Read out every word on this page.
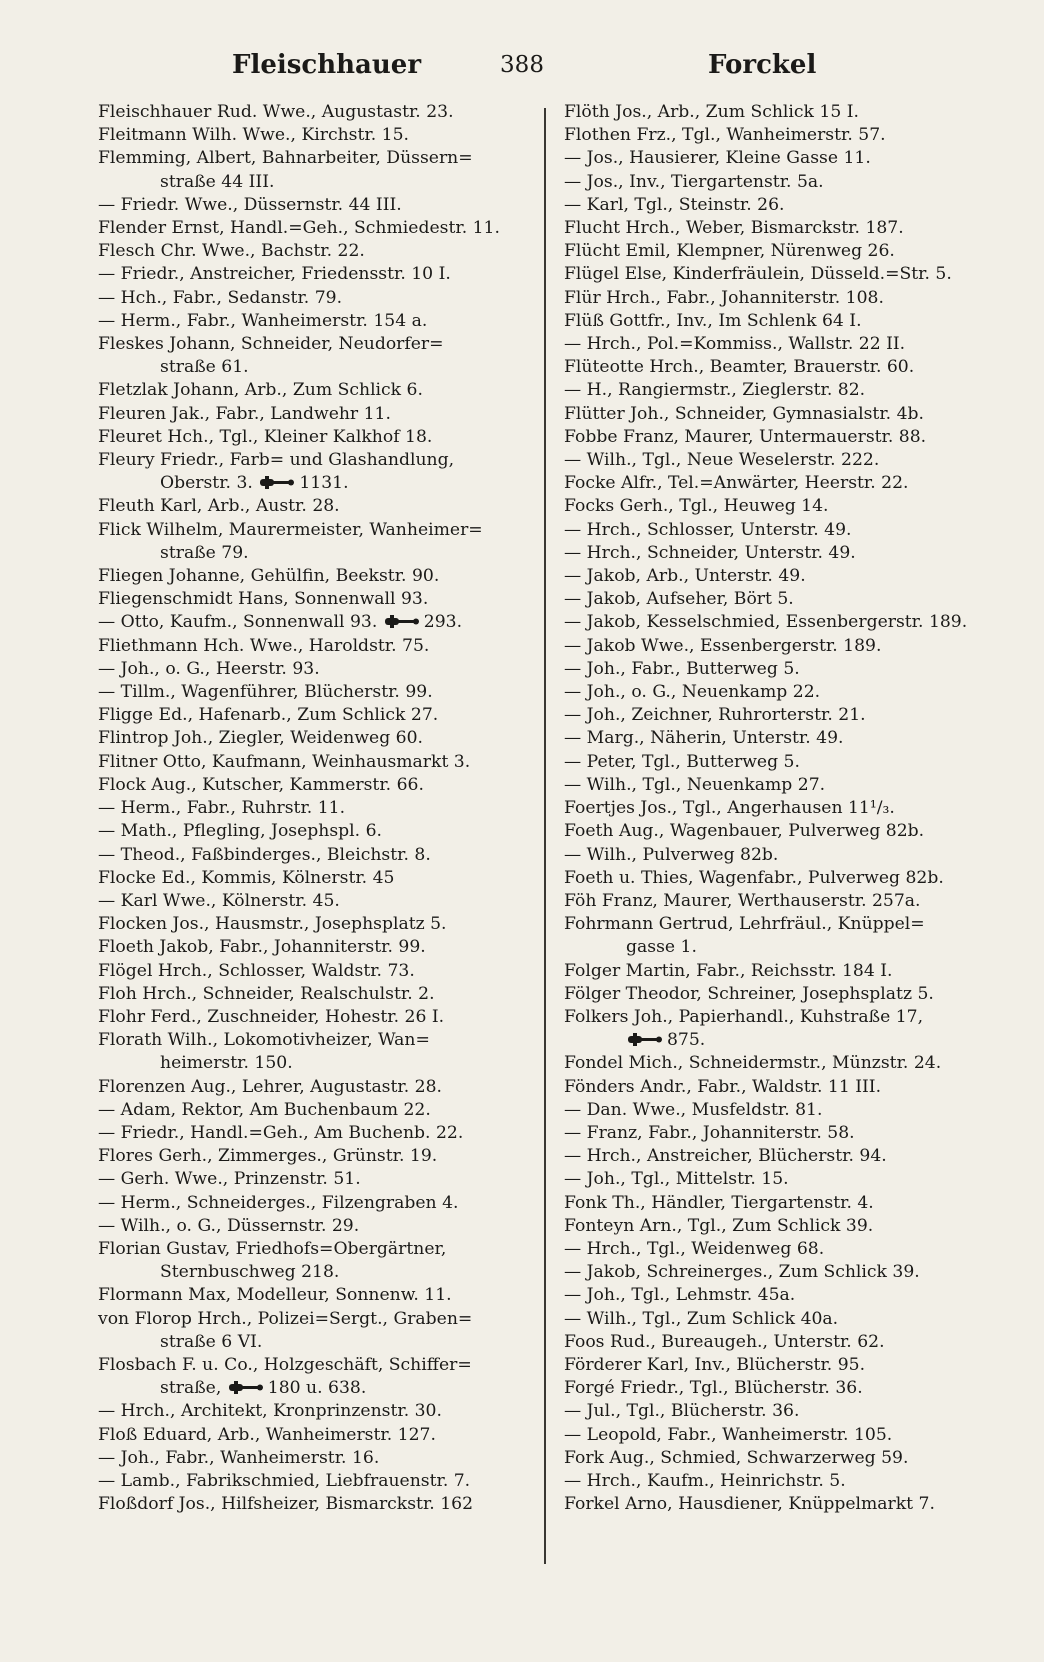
Fleischhauer	388	Forckel
Fleischhauer Rud. Wwe., Augustastr. 23.
Fleitmann Wilh. Wwe., Kirchstr. 15.
Flemming, Albert, Bahnarbeiter, Düssern=
straße 44 III.
— Friedr. Wwe., Düssernstr. 44 III.
Flender Ernst, Handl.=Geh., Schmiedestr. 11.
Flesch Chr. Wwe., Bachstr. 22.
— Friedr., Anstreicher, Friedensstr. 10 I.
— Hch., Fabr., Sedanstr. 79.
— Herm., Fabr., Wanheimerstr. 154 a.
Fleskes Johann, Schneider, Neudorfer=
straße 61.
Fletzlak Johann, Arb., Zum Schlick 6.
Fleuren Jak., Fabr., Landwehr 11.
Fleuret Hch., Tgl., Kleiner Kalkhof 18.
Fleury Friedr., Farb= und Glashandlung,
Oberstr. 3.	1131.
Fleuth Karl, Arb., Austr. 28.
Flick Wilhelm, Maurermeister, Wanheimer=
straße 79.
Fliegen Johanne, Gehülfin, Beekstr. 90.
Fliegenschmidt Hans, Sonnenwall 93.
— Otto, Kaufm., Sonnenwall 93.	293.
Fliethmann Hch. Wwe., Haroldstr. 75.
— Joh., o. G., Heerstr. 93.
— Tillm., Wagenführer, Blücherstr. 99.
Fligge Ed., Hafenarb., Zum Schlick 27.
Flintrop Joh., Ziegler, Weidenweg 60.
Flitner Otto, Kaufmann, Weinhausmarkt 3.
Flock Aug., Kutscher, Kammerstr. 66.
— Herm., Fabr., Ruhrstr. 11.
— Math., Pflegling, Josephspl. 6.
— Theod., Faßbinderges., Bleichstr. 8.
Flocke Ed., Kommis, Kölnerstr. 45
— Karl Wwe., Kölnerstr. 45.
Flocken Jos., Hausmstr., Josephsplatz 5.
Floeth Jakob, Fabr., Johanniterstr. 99.
Flögel Hrch., Schlosser, Waldstr. 73.
Floh Hrch., Schneider, Realschulstr. 2.
Flohr Ferd., Zuschneider, Hohestr. 26 I.
Florath Wilh., Lokomotivheizer, Wan=
heimerstr. 150.
Florenzen Aug., Lehrer, Augustastr. 28.
— Adam, Rektor, Am Buchenbaum 22.
— Friedr., Handl.=Geh., Am Buchenb. 22.
Flores Gerh., Zimmerges., Grünstr. 19.
— Gerh. Wwe., Prinzenstr. 51.
— Herm., Schneiderges., Filzengraben 4.
— Wilh., o. G., Düssernstr. 29.
Florian Gustav, Friedhofs=Obergärtner,
Sternbuschweg 218.
Flormann Max, Modelleur, Sonnenw. 11.
von Florop Hrch., Polizei=Sergt., Graben=
straße 6 VI.
Flosbach F. u. Co., Holzgeschäft, Schiffer=
straße,	180 u. 638.
— Hrch., Architekt, Kronprinzenstr. 30.
Floß Eduard, Arb., Wanheimerstr. 127.
— Joh., Fabr., Wanheimerstr. 16.
— Lamb., Fabrikschmied, Liebfrauenstr. 7.
Floßdorf Jos., Hilfsheizer, Bismarckstr. 162
Flöth Jos., Arb., Zum Schlick 15 I.
Flothen Frz., Tgl., Wanheimerstr. 57.
— Jos., Hausierer, Kleine Gasse 11.
— Jos., Inv., Tiergartenstr. 5a.
— Karl, Tgl., Steinstr. 26.
Flucht Hrch., Weber, Bismarckstr. 187.
Flücht Emil, Klempner, Nürenweg 26.
Flügel Else, Kinderfräulein, Düsseld.=Str. 5.
Flür Hrch., Fabr., Johanniterstr. 108.
Flüß Gottfr., Inv., Im Schlenk 64 I.
— Hrch., Pol.=Kommiss., Wallstr. 22 II.
Flüteotte Hrch., Beamter, Brauerstr. 60.
— H., Rangiermstr., Zieglerstr. 82.
Flütter Joh., Schneider, Gymnasialstr. 4b.
Fobbe Franz, Maurer, Untermauerstr. 88.
— Wilh., Tgl., Neue Weselerstr. 222.
Focke Alfr., Tel.=Anwärter, Heerstr. 22.
Focks Gerh., Tgl., Heuweg 14.
— Hrch., Schlosser, Unterstr. 49.
— Hrch., Schneider, Unterstr. 49.
— Jakob, Arb., Unterstr. 49.
— Jakob, Aufseher, Bört 5.
— Jakob, Kesselschmied, Essenbergerstr. 189.
— Jakob Wwe., Essenbergerstr. 189.
— Joh., Fabr., Butterweg 5.
— Joh., o. G., Neuenkamp 22.
— Joh., Zeichner, Ruhrorterstr. 21.
— Marg., Näherin, Unterstr. 49.
— Peter, Tgl., Butterweg 5.
— Wilh., Tgl., Neuenkamp 27.
Foertjes Jos., Tgl., Angerhausen 11¹/₃.
Foeth Aug., Wagenbauer, Pulverweg 82b.
— Wilh., Pulverweg 82b.
Foeth u. Thies, Wagenfabr., Pulverweg 82b.
Föh Franz, Maurer, Werthauserstr. 257a.
Fohrmann Gertrud, Lehrfräul., Knüppel=
gasse 1.
Folger Martin, Fabr., Reichsstr. 184 I.
Fölger Theodor, Schreiner, Josephsplatz 5.
Folkers Joh., Papierhandl., Kuhstraße 17,
875.
Fondel Mich., Schneidermstr., Münzstr. 24.
Fönders Andr., Fabr., Waldstr. 11 III.
— Dan. Wwe., Musfeldstr. 81.
— Franz, Fabr., Johanniterstr. 58.
— Hrch., Anstreicher, Blücherstr. 94.
— Joh., Tgl., Mittelstr. 15.
Fonk Th., Händler, Tiergartenstr. 4.
Fonteyn Arn., Tgl., Zum Schlick 39.
— Hrch., Tgl., Weidenweg 68.
— Jakob, Schreinerges., Zum Schlick 39.
— Joh., Tgl., Lehmstr. 45a.
— Wilh., Tgl., Zum Schlick 40a.
Foos Rud., Bureaugeh., Unterstr. 62.
Förderer Karl, Inv., Blücherstr. 95.
Forgé Friedr., Tgl., Blücherstr. 36.
— Jul., Tgl., Blücherstr. 36.
— Leopold, Fabr., Wanheimerstr. 105.
Fork Aug., Schmied, Schwarzerweg 59.
— Hrch., Kaufm., Heinrichstr. 5.
Forkel Arno, Hausdiener, Knüppelmarkt 7.
